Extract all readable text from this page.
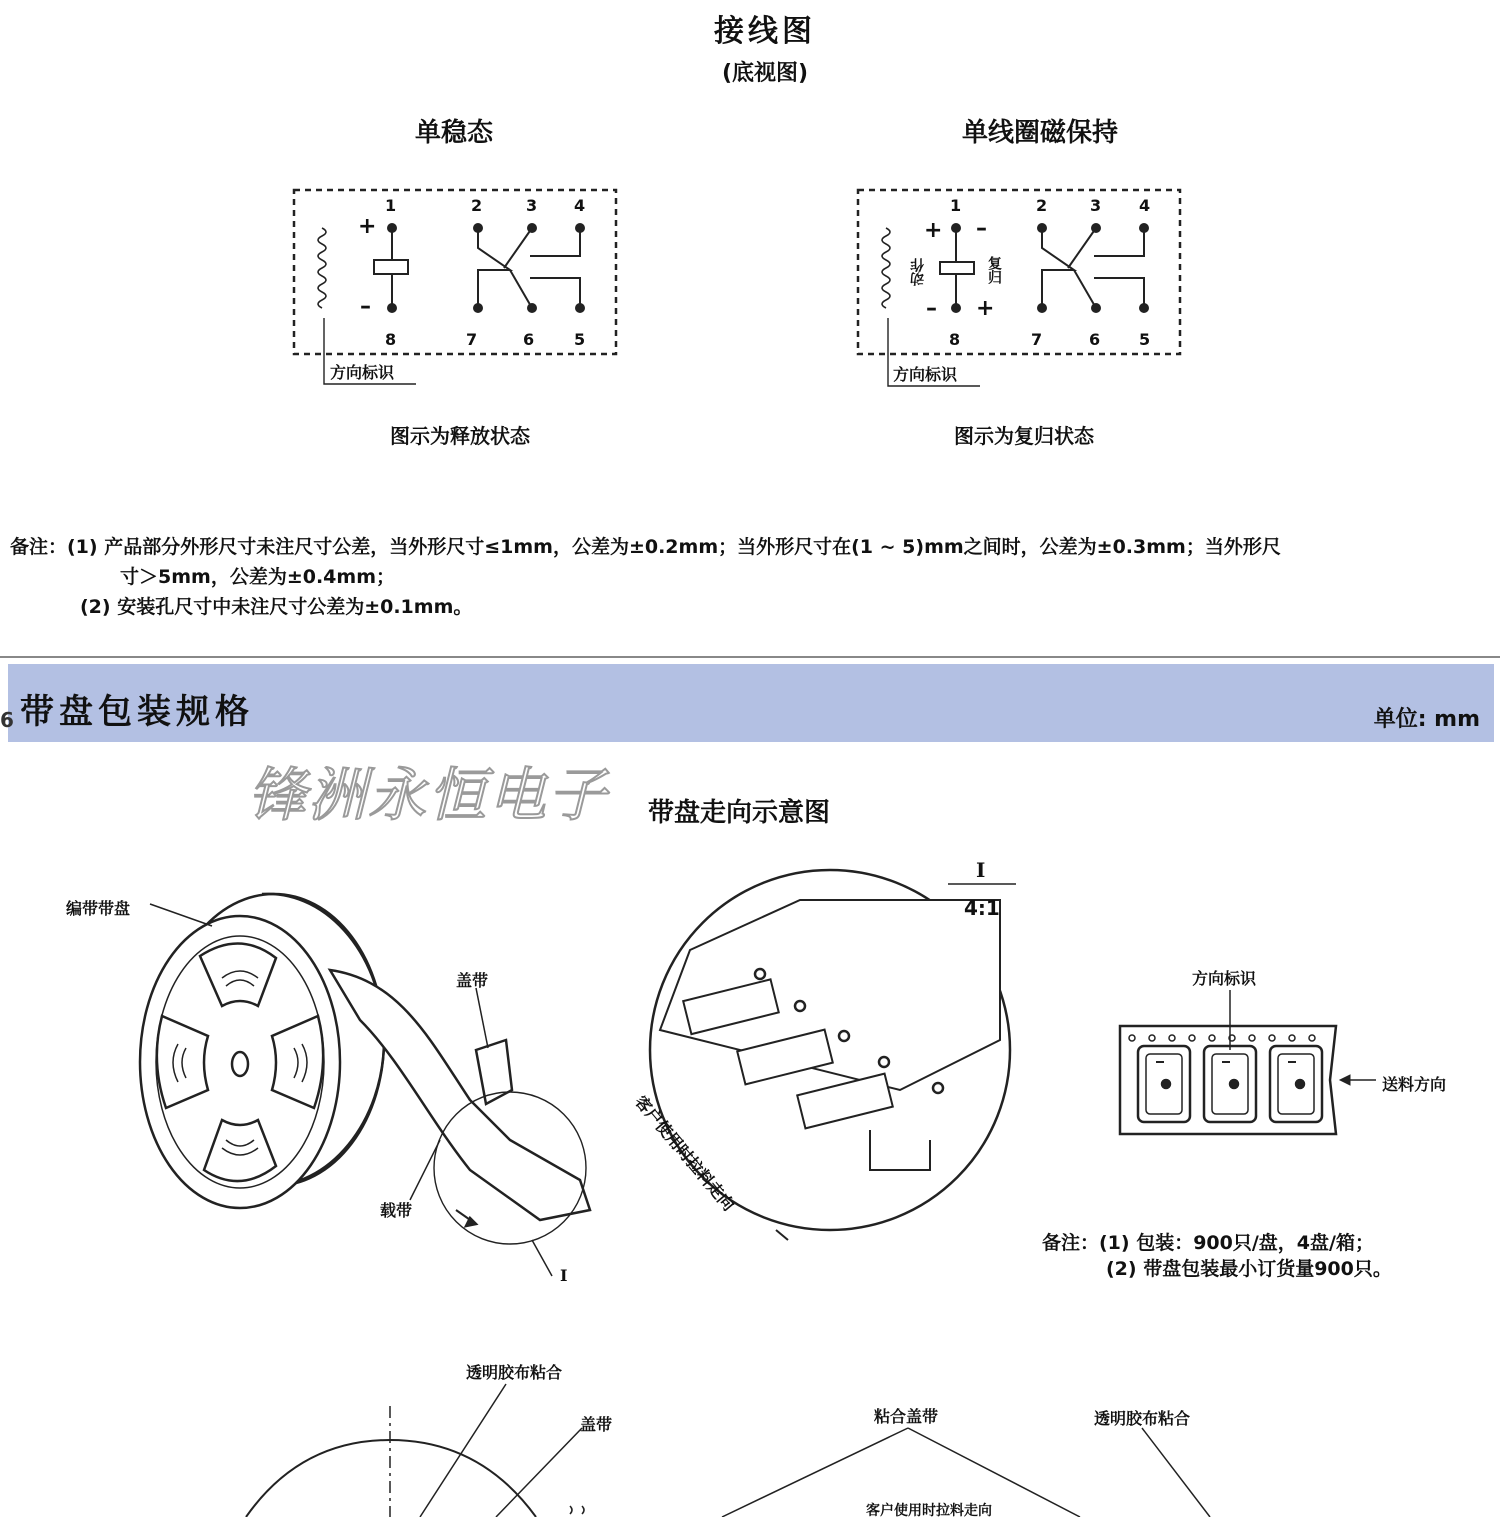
接线图
(底视图)
单稳态	单线圈磁保持
1	2	3 4
8	7	6 5
+
–
方向标识
图示为释放状态
1	2	3 4
8	7	6 5
+ –
– +
动作	复归
方向标识
图示为复归状态
备注：(1) 产品部分外形尺寸未注尺寸公差，当外形尺寸≤1mm，公差为±0.2mm；当外形尺寸在(1 ~ 5)mm之间时，公差为±0.3mm；当外形尺
寸＞5mm，公差为±0.4mm；
(2) 安装孔尺寸中未注尺寸公差为±0.1mm。
6 带盘包装规格	单位: mm
锋洲永恒电子 带盘走向示意图
编带带盘
盖带
载带
I
I
4:1
客户使用时拉料走向
方向标识
送料方向
备注：(1) 包装：900只/盘，4盘/箱；
(2) 带盘包装最小订货量900只。
透明胶布粘合
盖带	粘合盖带	透明胶布粘合
客户使用时拉料走向
